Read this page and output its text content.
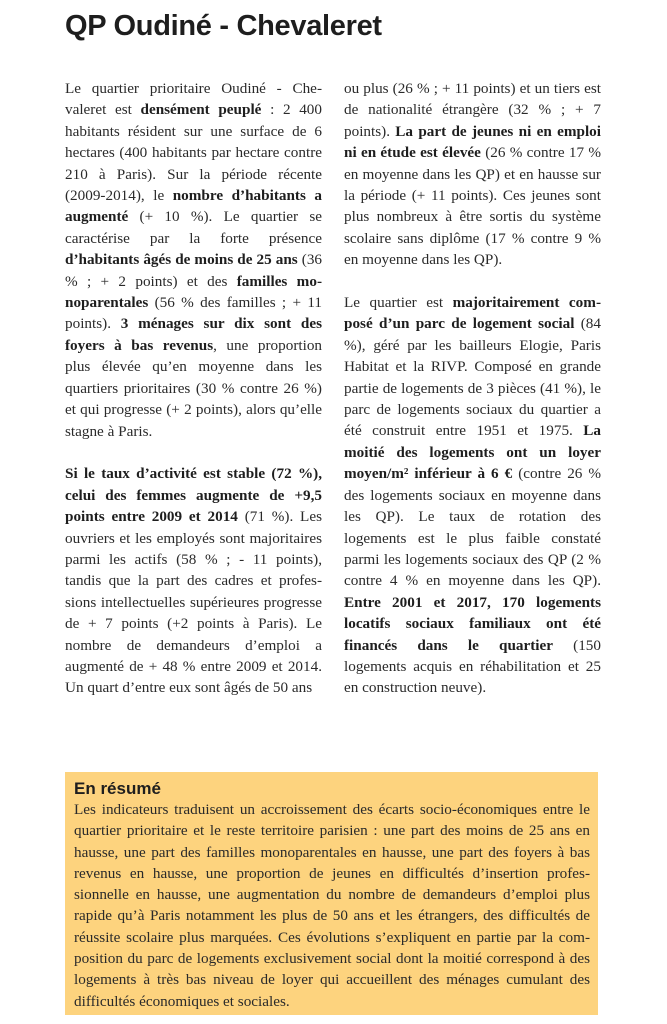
QP Oudiné - Chevaleret

Le quartier prioritaire Oudiné - Chevaleret est densément peuplé : 2 400 habitants résident sur une surface de 6 hectares (400 habitants par hectare contre 210 à Paris). Sur la période récente (2009-2014), le nombre d’habitants a augmenté (+ 10 %). Le quartier se caractérise par la forte présence d’habitants âgés de moins de 25 ans (36 % ; + 2 points) et des familles monoparentales (56 % des familles ; + 11 points). 3 ménages sur dix sont des foyers à bas revenus, une proportion plus élevée qu’en moyenne dans les quartiers prioritaires (30 % contre 26 %) et qui progresse (+ 2 points), alors qu’elle stagne à Paris.

Si le taux d’activité est stable (72 %), celui des femmes augmente de +9,5 points entre 2009 et 2014 (71 %). Les ouvriers et les employés sont majoritaires parmi les actifs (58 % ; - 11 points), tandis que la part des cadres et professions intellectuelles supérieures progresse de + 7 points (+2 points à Paris). Le nombre de demandeurs d’emploi a augmenté de + 48 % entre 2009 et 2014. Un quart d’entre eux sont âgés de 50 ans

ou plus (26 % ; + 11 points) et un tiers est de nationalité étrangère (32 % ; + 7 points). La part de jeunes ni en emploi ni en étude est élevée (26 % contre 17 % en moyenne dans les QP) et en hausse sur la période (+ 11 points). Ces jeunes sont plus nombreux à être sortis du système scolaire sans diplôme (17 % contre 9 % en moyenne dans les QP).

Le quartier est majoritairement composé d’un parc de logement social (84 %), géré par les bailleurs Elogie, Paris Habitat et la RIVP. Composé en grande partie de logements de 3 pièces (41 %), le parc de logements sociaux du quartier a été construit entre 1951 et 1975. La moitié des logements ont un loyer moyen/m² inférieur à 6 € (contre 26 % des logements sociaux en moyenne dans les QP). Le taux de rotation des logements est le plus faible constaté parmi les logements sociaux des QP (2 % contre 4 % en moyenne dans les QP). Entre 2001 et 2017, 170 logements locatifs sociaux familiaux ont été financés dans le quartier (150 logements acquis en réhabilitation et 25 en construction neuve).

En résumé

Les indicateurs traduisent un accroissement des écarts socio-économiques entre le quartier prioritaire et le reste territoire parisien : une part des moins de 25 ans en hausse, une part des familles monoparentales en hausse, une part des foyers à bas revenus en hausse, une proportion de jeunes en difficultés d’insertion professionnelle en hausse, une augmentation du nombre de demandeurs d’emploi plus rapide qu’à Paris notamment les plus de 50 ans et les étrangers, des difficultés de réussite scolaire plus marquées. Ces évolutions s’expliquent en partie par la composition du parc de logements exclusivement social dont la moitié correspond à des logements à très bas niveau de loyer qui accueillent des ménages cumulant des difficultés économiques et sociales.
